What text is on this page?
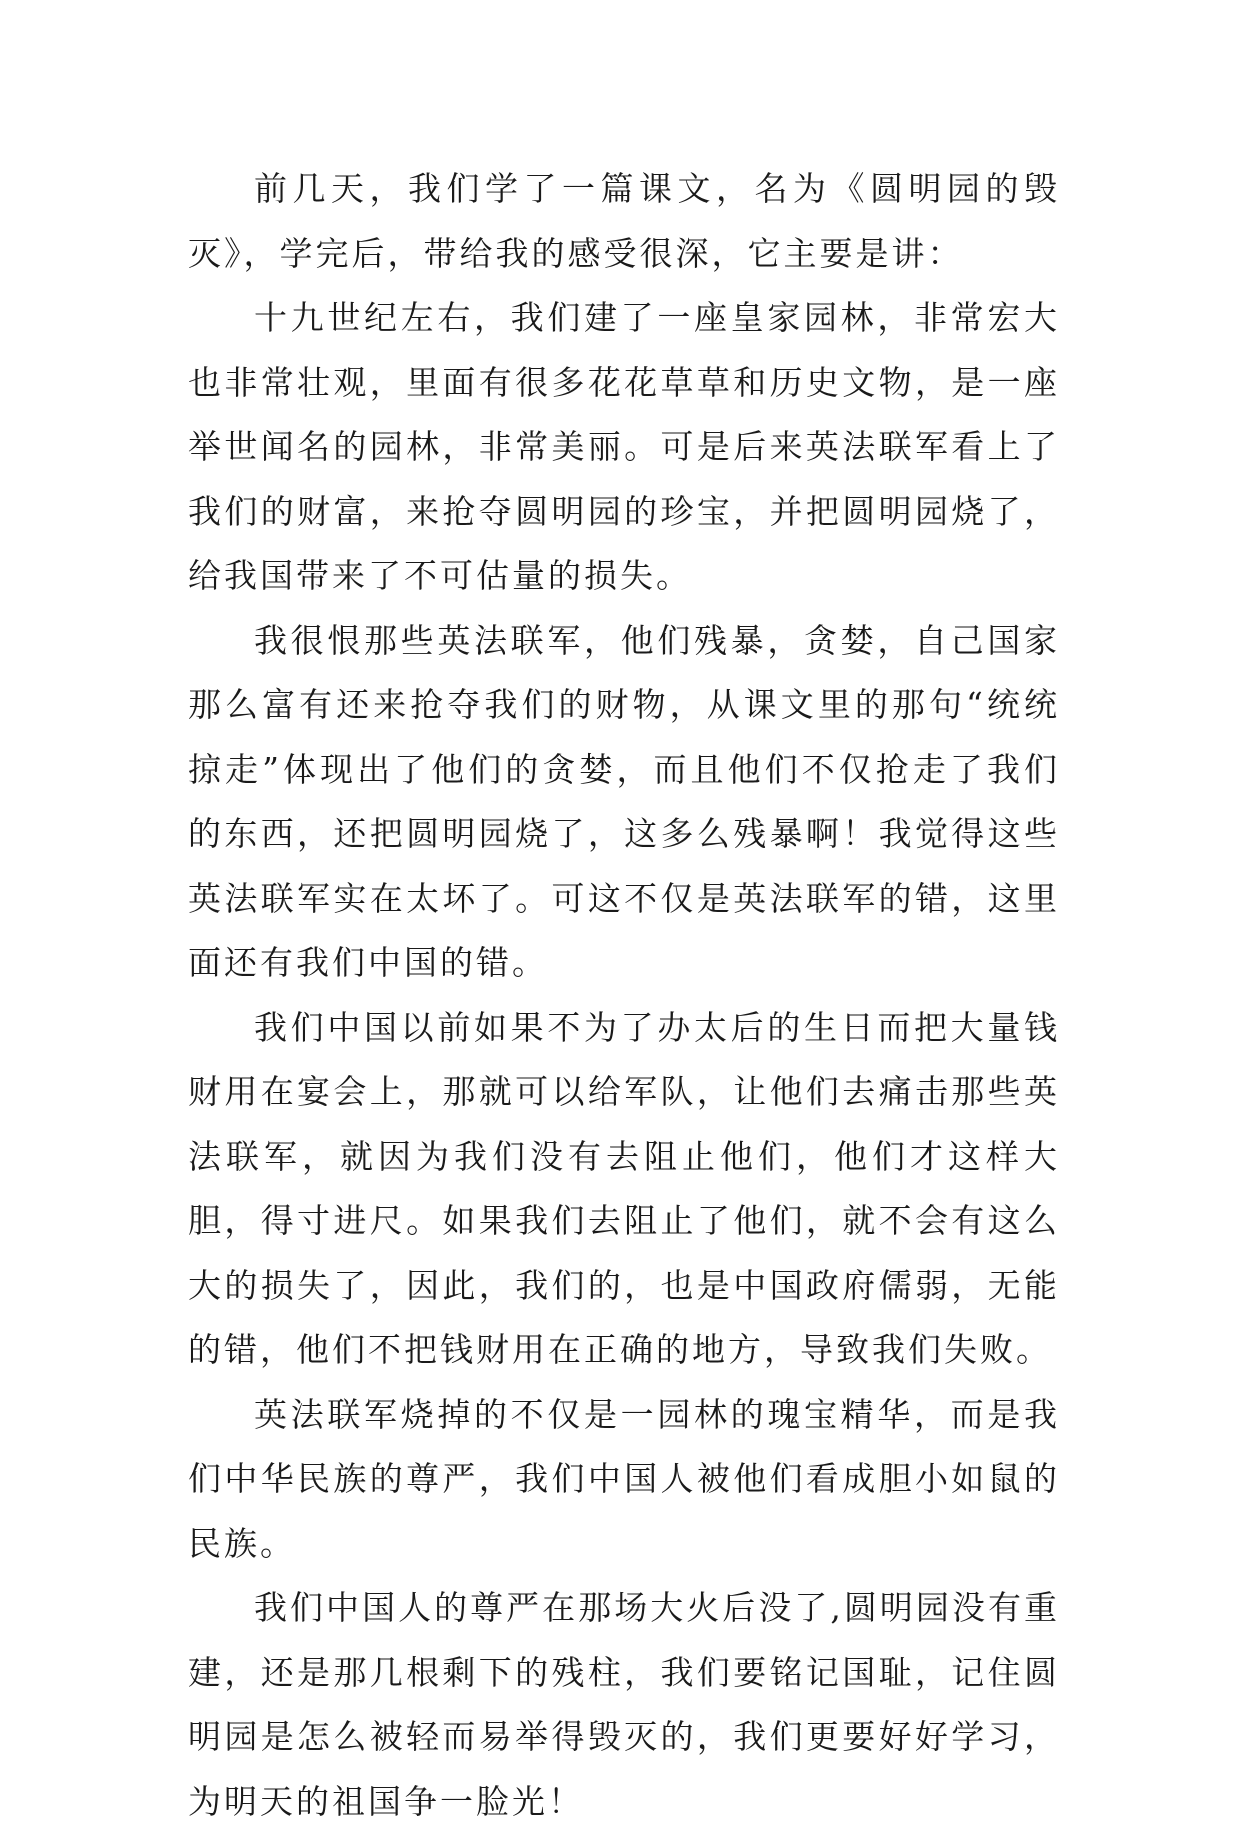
前几天，我们学了一篇课文，名为《圆明园的毁灭》，学完后，带给我的感受很深，它主要是讲：

十九世纪左右，我们建了一座皇家园林，非常宏大也非常壮观，里面有很多花花草草和历史文物，是一座举世闻名的园林，非常美丽。可是后来英法联军看上了我们的财富，来抢夺圆明园的珍宝，并把圆明园烧了，给我国带来了不可估量的损失。

我很恨那些英法联军，他们残暴，贪婪，自己国家那么富有还来抢夺我们的财物，从课文里的那句“统统掠走”体现出了他们的贪婪，而且他们不仅抢走了我们的东西，还把圆明园烧了，这多么残暴啊！我觉得这些英法联军实在太坏了。可这不仅是英法联军的错，这里面还有我们中国的错。

我们中国以前如果不为了办太后的生日而把大量钱财用在宴会上，那就可以给军队，让他们去痛击那些英法联军，就因为我们没有去阻止他们，他们才这样大胆，得寸进尺。如果我们去阻止了他们，就不会有这么大的损失了，因此，我们的，也是中国政府儒弱，无能的错，他们不把钱财用在正确的地方，导致我们失败。

英法联军烧掉的不仅是一园林的瑰宝精华，而是我们中华民族的尊严，我们中国人被他们看成胆小如鼠的民族。

我们中国人的尊严在那场大火后没了,圆明园没有重建，还是那几根剩下的残柱，我们要铭记国耻，记住圆明园是怎么被轻而易举得毁灭的，我们更要好好学习，为明天的祖国争一脸光！
